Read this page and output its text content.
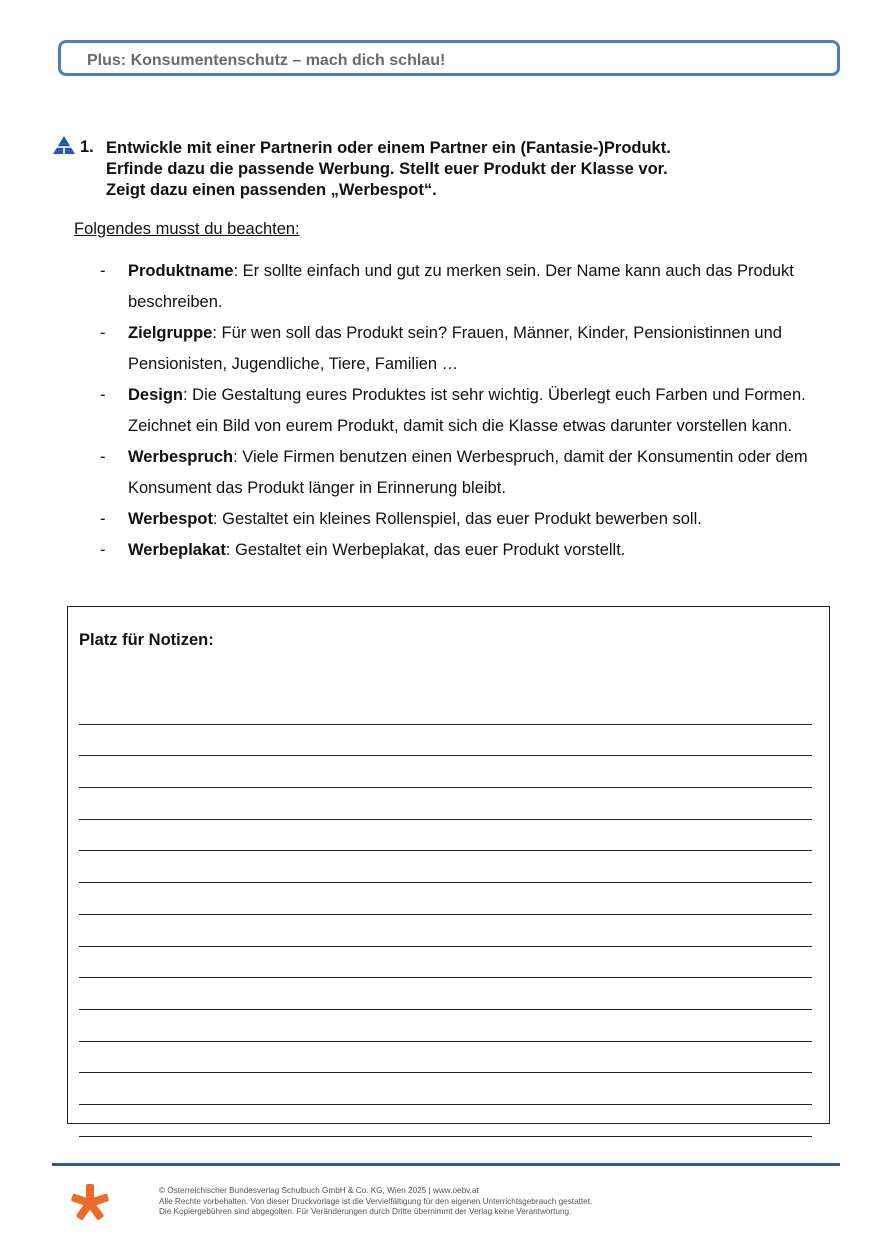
Plus: Konsumentenschutz – mach dich schlau!
1. Entwickle mit einer Partnerin oder einem Partner ein (Fantasie-)Produkt.
Erfinde dazu die passende Werbung. Stellt euer Produkt der Klasse vor.
Zeigt dazu einen passenden „Werbespot“.
Folgendes musst du beachten:
- Produktname: Er sollte einfach und gut zu merken sein. Der Name kann auch das Produkt beschreiben.
- Zielgruppe: Für wen soll das Produkt sein? Frauen, Männer, Kinder, Pensionistinnen und Pensionisten, Jugendliche, Tiere, Familien …
- Design: Die Gestaltung eures Produktes ist sehr wichtig. Überlegt euch Farben und Formen. Zeichnet ein Bild von eurem Produkt, damit sich die Klasse etwas darunter vorstellen kann.
- Werbespruch: Viele Firmen benutzen einen Werbespruch, damit der Konsumentin oder dem Konsument das Produkt länger in Erinnerung bleibt.
- Werbespot: Gestaltet ein kleines Rollenspiel, das euer Produkt bewerben soll.
- Werbeplakat: Gestaltet ein Werbeplakat, das euer Produkt vorstellt.
Platz für Notizen:
© Österreichischer Bundesverlag Schulbuch GmbH & Co. KG, Wien 2025 | www.oebv.at
Alle Rechte vorbehalten. Von dieser Druckvorlage ist die Vervielfältigung für den eigenen Unterrichtsgebrauch gestattet.
Die Kopiergebühren sind abgegolten. Für Veränderungen durch Dritte übernimmt der Verlag keine Verantwortung.
